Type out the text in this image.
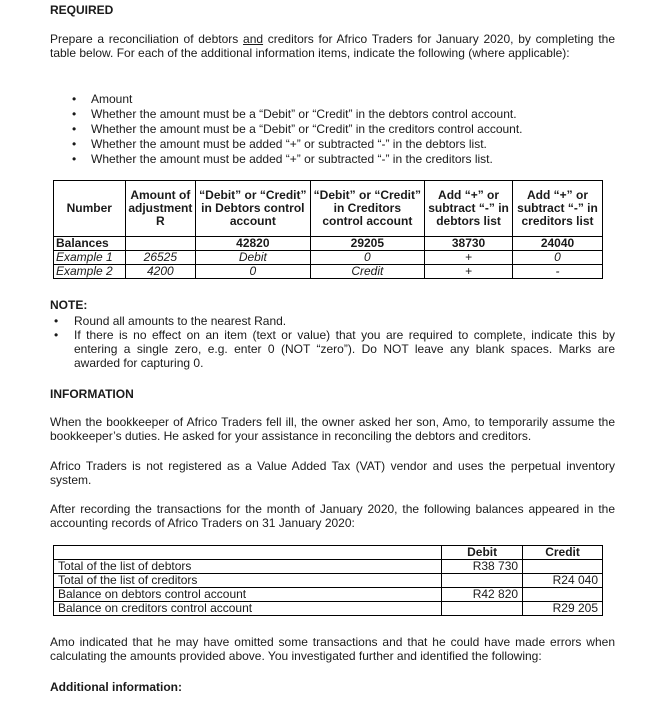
REQUIRED
Prepare a reconciliation of debtors and creditors for Africo Traders for January 2020, by completing the table below. For each of the additional information items, indicate the following (where applicable):
• Amount
• Whether the amount must be a “Debit” or “Credit” in the debtors control account.
• Whether the amount must be a “Debit” or “Credit” in the creditors control account.
• Whether the amount must be added “+” or subtracted “-” in the debtors list.
• Whether the amount must be added “+” or subtracted “-” in the creditors list.
Number	Amount of adjustment R	“Debit” or “Credit” in Debtors control account	“Debit” or “Credit” in Creditors control account	Add “+” or subtract “-” in debtors list	Add “+” or subtract “-” in creditors list
Balances		42820	29205	38730	24040
Example 1	26525	Debit	0	+	0
Example 2	4200	0	Credit	+	-
NOTE:
• Round all amounts to the nearest Rand.
• If there is no effect on an item (text or value) that you are required to complete, indicate this by entering a single zero, e.g. enter 0 (NOT “zero”). Do NOT leave any blank spaces. Marks are awarded for capturing 0.
INFORMATION
When the bookkeeper of Africo Traders fell ill, the owner asked her son, Amo, to temporarily assume the bookkeeper’s duties. He asked for your assistance in reconciling the debtors and creditors.
Africo Traders is not registered as a Value Added Tax (VAT) vendor and uses the perpetual inventory system.
After recording the transactions for the month of January 2020, the following balances appeared in the accounting records of Africo Traders on 31 January 2020:
	Debit	Credit
Total of the list of debtors	R38 730	
Total of the list of creditors		R24 040
Balance on debtors control account	R42 820	
Balance on creditors control account		R29 205
Amo indicated that he may have omitted some transactions and that he could have made errors when calculating the amounts provided above. You investigated further and identified the following:
Additional information:
